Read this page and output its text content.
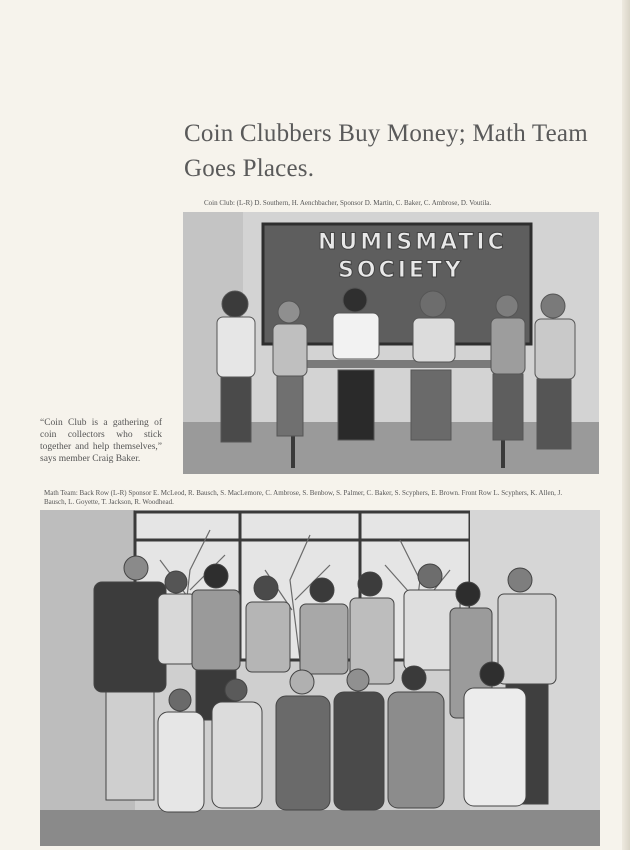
Coin Clubbers Buy Money; Math Team Goes Places.
Coin Club: (L-R) D. Southern, H. Aenchbacher, Sponsor D. Martin, C. Baker, C. Ambrose, D. Voutila.
NUMISMATIC
SOCIETY
“Coin Club is a gathering of coin collectors who stick together and help themselves,” says member Craig Baker.
Math Team: Back Row (L-R) Sponsor E. McLeod, R. Bausch, S. MacLemore, C. Ambrose, S. Benbow, S. Palmer, C. Baker, S. Scyphers, E. Brown. Front Row L. Scyphers, K. Allen, J. Bausch, L. Goyette, T. Jackson, R. Woodhead.
